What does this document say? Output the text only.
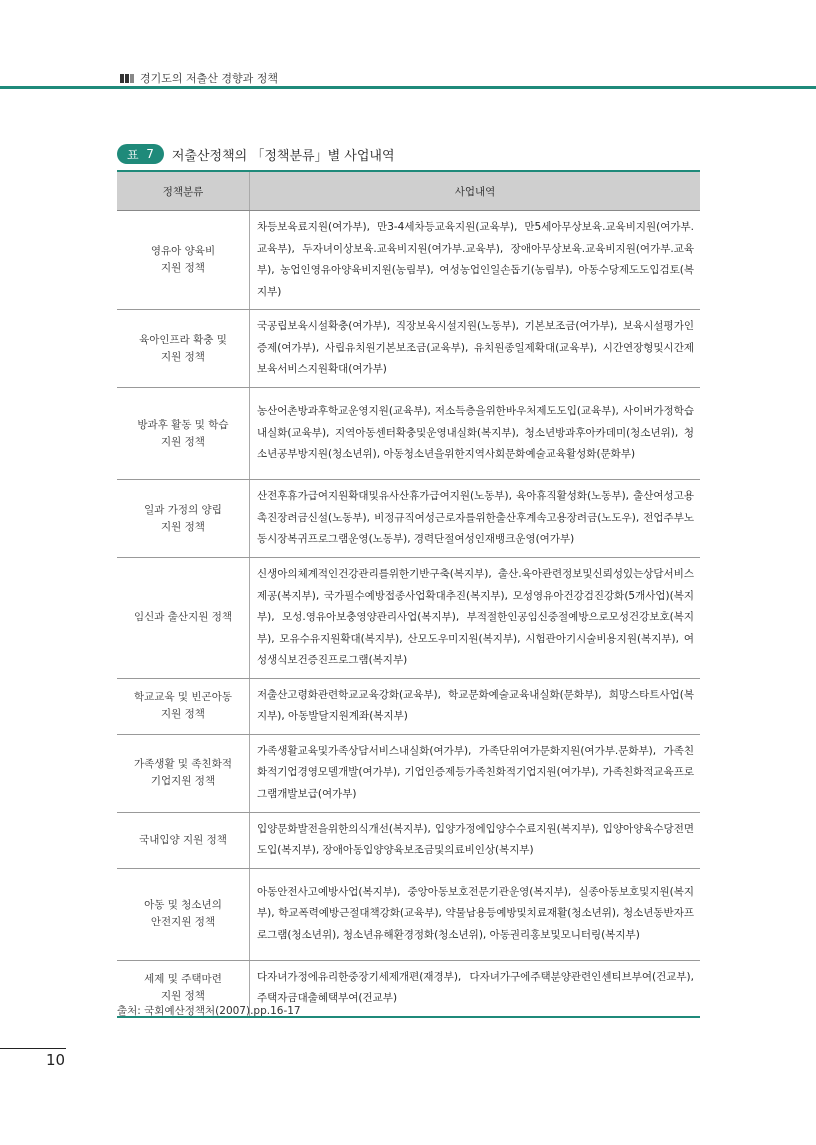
경기도의 저출산 경향과 정책
표
7 저출산정책의 「정책분류」별 사업내역
정책분류	사업내역
영유아 양육비
지원 정책	차등보육료지원(여가부), 만3-4세차등교육지원(교육부), 만5세아무상보육.교육비지원(여가부.교육부), 두자녀이상보육.교육비지원(여가부.교육부), 장애아무상보육.교육비지원(여가부.교육부), 농업인영유아양육비지원(농림부), 여성농업인일손돕기(농림부), 아동수당제도도입검토(복지부)
육아인프라 확충 및
지원 정책	국공립보육시설확충(여가부), 직장보육시설지원(노동부), 기본보조금(여가부), 보육시설평가인증제(여가부), 사립유치원기본보조금(교육부), 유치원종일제확대(교육부), 시간연장형및시간제보육서비스지원확대(여가부)
방과후 활동 및 학습
지원 정책	농산어촌방과후학교운영지원(교육부), 저소득층을위한바우처제도도입(교육부), 사이버가정학습내실화(교육부), 지역아동센터확충및운영내실화(복지부), 청소년방과후아카데미(청소년위), 청소년공부방지원(청소년위), 아동청소년을위한지역사회문화예술교육활성화(문화부)
일과 가정의 양립
지원 정책	산전후휴가급여지원확대및유사산휴가급여지원(노동부), 육아휴직활성화(노동부), 출산여성고용촉진장려금신설(노동부), 비정규직여성근로자를위한출산후계속고용장려금(노도우), 전업주부노동시장복귀프로그램운영(노동부), 경력단절여성인재뱅크운영(여가부)
임신과 출산지원 정책	신생아의체계적인건강관리를위한기반구축(복지부), 출산.육아관련정보및신뢰성있는상담서비스제공(복지부), 국가필수예방접종사업확대추진(복지부), 모성영유아건강검진강화(5개사업)(복지부), 모성.영유아보충영양관리사업(복지부), 부적절한인공임신중절예방으로모성건강보호(복지부), 모유수유지원확대(복지부), 산모도우미지원(복지부), 시험관아기시술비용지원(복지부), 여성생식보건증진프로그램(복지부)
학교교육 및 빈곤아동
지원 정책	저출산고령화관련학교교육강화(교육부), 학교문화예술교육내실화(문화부), 희망스타트사업(복지부), 아동발달지원계좌(복지부)
가족생활 및 족친화적
기업지원 정책	가족생활교육및가족상담서비스내실화(여가부), 가족단위여가문화지원(여가부.문화부), 가족친화적기업경영모델개발(여가부), 기업인증제등가족친화적기업지원(여가부), 가족친화적교육프로그램개발보급(여가부)
국내입양 지원 정책	입양문화발전을위한의식개선(복지부), 입양가정에입양수수료지원(복지부), 입양아양육수당전면도입(복지부), 장애아동입양양육보조금및의료비인상(복지부)
아동 및 청소년의
안전지원 정책	아동안전사고예방사업(복지부), 중앙아동보호전문기관운영(복지부), 실종아동보호및지원(복지부), 학교폭력예방근절대책강화(교육부), 약물남용등예방및치료재활(청소년위), 청소년동반자프로그램(청소년위), 청소년유해환경정화(청소년위), 아동권리홍보및모니터링(복지부)
세제 및 주택마련
지원 정책	다자녀가정에유리한중장기세제개편(재경부), 다자녀가구에주택분양관련인센티브부여(건교부), 주택자금대출혜택부여(건교부)
출처: 국회예산정책처(2007).pp.16-17
10
